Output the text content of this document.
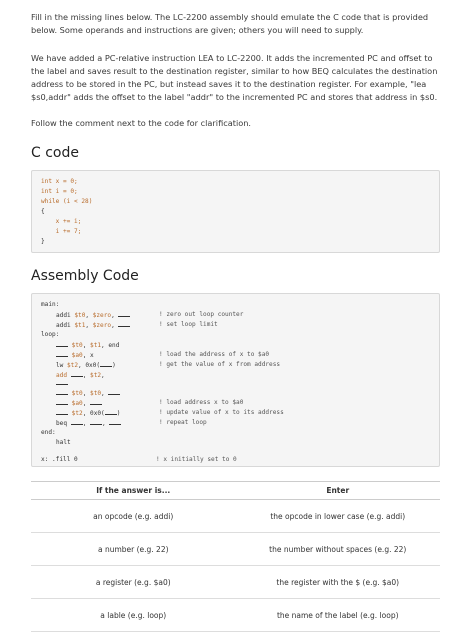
Fill in the missing lines below. The LC-2200 assembly should emulate the C code that is provided below. Some operands and instructions are given; others you will need to supply.

We have added a PC-relative instruction LEA to LC-2200. It adds the incremented PC and offset to the label and saves result to the destination register, similar to how BEQ calculates the destination address to be stored in the PC, but instead saves it to the destination register. For example, "lea $s0,addr" adds the offset to the label "addr" to the incremented PC and stores that address in $s0.

Follow the comment next to the code for clarification.

C code
int x = 0;
int i = 0;
while (i < 28)
{
x += i;
i += 7;
}
Assembly Code
main:
addi $t0, $zero,	! zero out loop counter
addi $t1, $zero,	! set loop limit
loop:
$t0, $t1, end
$a0, x	! load the address of x to $a0
lw $t2, 0x0( )	! get the value of x from address
add	, $t2,
$t0, $t0,
$a0,	! load address x to $a0
$t2, 0x0( )	! update value of x to its address
beq	,	,	! repeat loop
end:
halt
x: .fill 0	! x initially set to 0
If the answer is...	Enter
an opcode (e.g. addi)	the opcode in lower case (e.g. addi)
a number (e.g. 22)	the number without spaces (e.g. 22)
a register (e.g. $a0)	the register with the $ (e.g. $a0)
a lable (e.g. loop)	the name of the label (e.g. loop)
